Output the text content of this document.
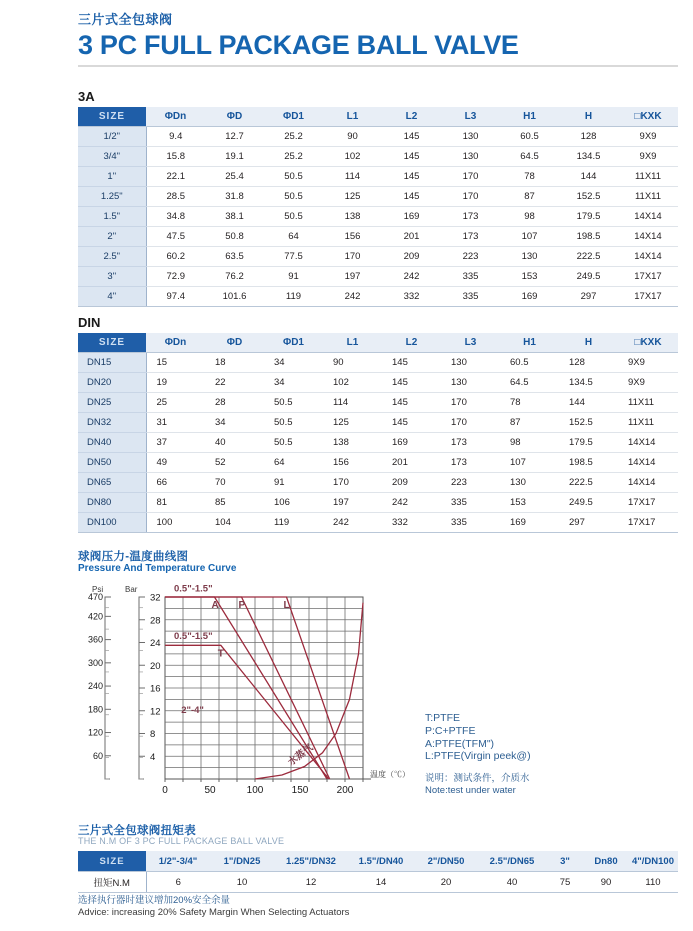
三片式全包球阀
3 PC FULL PACKAGE BALL VALVE
3A
SIZE	ΦDn	ΦD	ΦD1	L1	L2	L3	H1	H	□KXK
1/2"	9.4	12.7	25.2	90	145	130	60.5	128	9X9
3/4"	15.8	19.1	25.2	102	145	130	64.5	134.5	9X9
1"	22.1	25.4	50.5	114	145	170	78	144	11X11
1.25"	28.5	31.8	50.5	125	145	170	87	152.5	11X11
1.5"	34.8	38.1	50.5	138	169	173	98	179.5	14X14
2"	47.5	50.8	64	156	201	173	107	198.5	14X14
2.5"	60.2	63.5	77.5	170	209	223	130	222.5	14X14
3"	72.9	76.2	91	197	242	335	153	249.5	17X17
4"	97.4	101.6	119	242	332	335	169	297	17X17
DIN
SIZE	ΦDn	ΦD	ΦD1	L1	L2	L3	H1	H	□KXK
DN15	15	18	34	90	145	130	60.5	128	9X9
DN20	19	22	34	102	145	130	64.5	134.5	9X9
DN25	25	28	50.5	114	145	170	78	144	11X11
DN32	31	34	50.5	125	145	170	87	152.5	11X11
DN40	37	40	50.5	138	169	173	98	179.5	14X14
DN50	49	52	64	156	201	173	107	198.5	14X14
DN65	66	70	91	170	209	223	130	222.5	14X14
DN80	81	85	106	197	242	335	153	249.5	17X17
DN100	100	104	119	242	332	335	169	297	17X17
球阀压力-温度曲线图
Pressure And Temperature Curve
Psi	Bar
60
120
180
240
300
360
420
470
4
8
12
16
20
24
28
32
0.5"-1.5"
0.5"-1.5"
2"-4"
水蒸气
A P	L
T
0	50	100	150	200
温度（℃）
T:PTFE
P:C+PTFE
A:PTFE(TFM")
L:PTFE(Virgin peek@)
说明：测试条件，介质水
Note:test under water
三片式全包球阀扭矩表
THE N.M OF 3 PC FULL PACKAGE BALL VALVE
SIZE	1/2"-3/4"	1"/DN25	1.25"/DN32	1.5"/DN40	2"/DN50	2.5"/DN65	3"	Dn80	4"/DN100
扭矩N.M	6	10	12	14	20	40	75	90	110
选择执行器时建议增加20%安全余量
Advice: increasing 20% Safety Margin When Selecting Actuators
